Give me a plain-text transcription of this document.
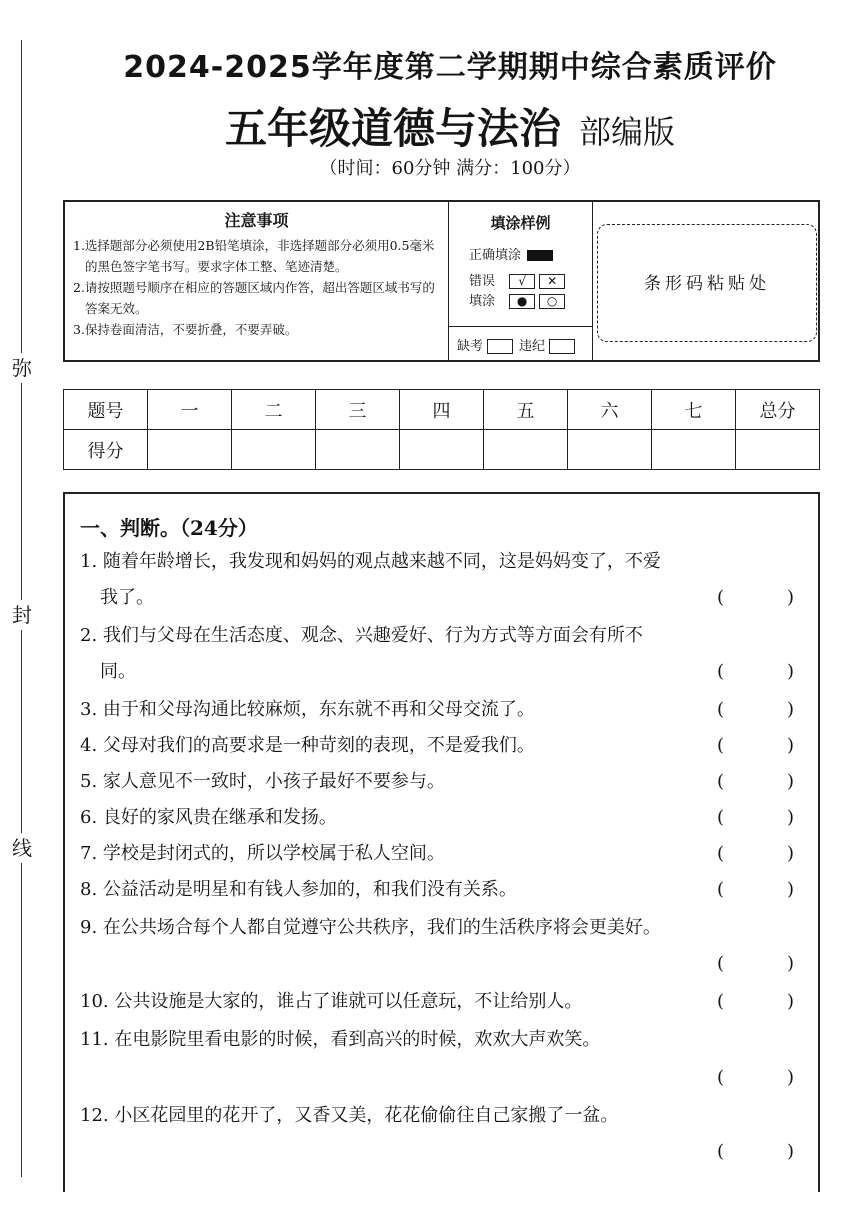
弥
封
线
2024-2025学年度第二学期期中综合素质评价
五年级道德与法治 部编版
（时间：60分钟 满分：100分）
注意事项
1.选择题部分必须使用2B铅笔填涂，非选择题部分必须用0.5毫米的黑色签字笔书写。要求字体工整、笔迹清楚。
2.请按照题号顺序在相应的答题区域内作答，超出答题区域书写的答案无效。
3.保持卷面清洁，不要折叠，不要弄破。
填涂样例
正确填涂
错误 √ ✕
填涂 ● ○
缺考	违纪
条形码粘贴处
题号	一	二	三	四	五	六	七	总分
得分								
一、判断。（24分）
1. 随着年龄增长，我发现和妈妈的观点越来越不同，这是妈妈变了，不爱
我了。	(	)
2. 我们与父母在生活态度、观念、兴趣爱好、行为方式等方面会有所不
同。	(	)
3. 由于和父母沟通比较麻烦，东东就不再和父母交流了。	(	)
4. 父母对我们的高要求是一种苛刻的表现，不是爱我们。	(	)
5. 家人意见不一致时，小孩子最好不要参与。	(	)
6. 良好的家风贵在继承和发扬。	(	)
7. 学校是封闭式的，所以学校属于私人空间。	(	)
8. 公益活动是明星和有钱人参加的，和我们没有关系。	(	)
9. 在公共场合每个人都自觉遵守公共秩序，我们的生活秩序将会更美好。
(	)
10. 公共设施是大家的，谁占了谁就可以任意玩，不让给别人。	(	)
11. 在电影院里看电影的时候，看到高兴的时候，欢欢大声欢笑。
(	)
12. 小区花园里的花开了，又香又美，花花偷偷往自己家搬了一盆。
(	)
